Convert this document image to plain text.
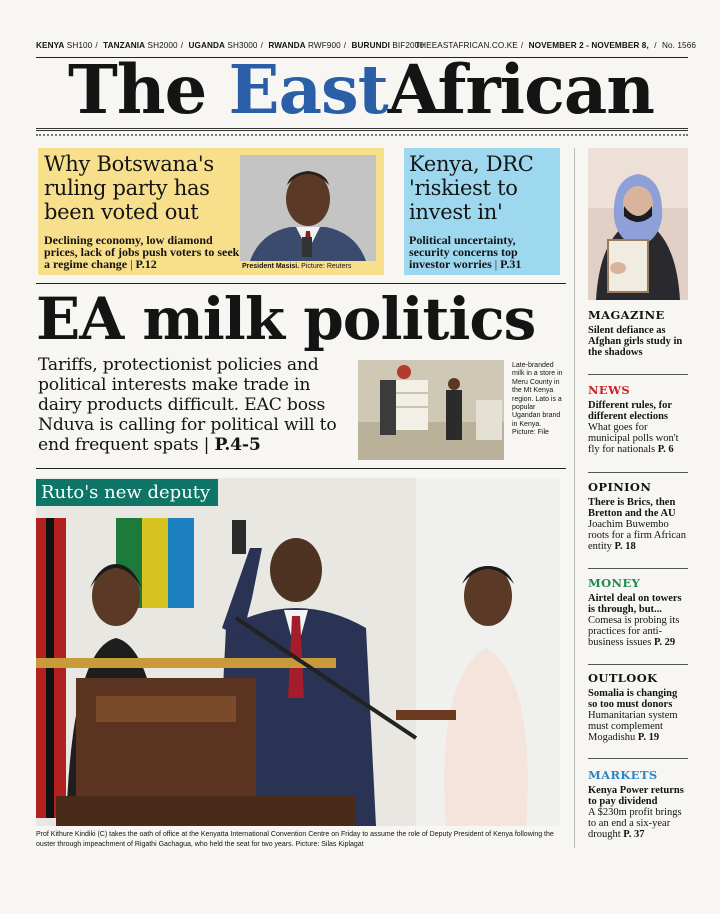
KENYA SH100 / TANZANIA SH2000 / UGANDA SH3000 / RWANDA RWF900 / BURUNDI BIF2000
THEEASTAFRICAN.CO.KE / NOVEMBER 2 - NOVEMBER 8, / No. 1566
The EastAfrican
Why Botswana's ruling party has been voted out
Declining economy, low diamond prices, lack of jobs push voters to seek a regime change | P.12	President Masisi. Picture: Reuters
Kenya, DRC 'riskiest to invest in'
Political uncertainty, security concerns top investor worries | P.31
MAGAZINE
Silent defiance as Afghan girls study in the shadows
NEWS
Different rules, for different elections
What goes for municipal polls won't fly for nationals P. 6
OPINION
There is Brics, then Bretton and the AU
Joachim Buwembo roots for a firm African entity P. 18
MONEY
Airtel deal on towers is through, but...
Comesa is probing its practices for anti-business issues P. 29
OUTLOOK
Somalia is changing so too must donors
Humanitarian system must complement Mogadishu P. 19
MARKETS
Kenya Power returns to pay dividend
A $230m profit brings to an end a six-year drought P. 37
EA milk politics
Tariffs, protectionist policies and political interests make trade in dairy products difficult. EAC boss Nduva is calling for political will to end frequent spats | P.4-5
Late-branded milk in a store in Meru County in the Mt Kenya region. Lato is a popular Ugandan brand in Kenya. Picture: File
Ruto's new deputy
Prof Kithure Kindiki (C) takes the oath of office at the Kenyatta International Convention Centre on Friday to assume the role of Deputy President of Kenya following the ouster through impeachment of Rigathi Gachagua, who held the seat for two years. Picture: Silas Kiplagat
